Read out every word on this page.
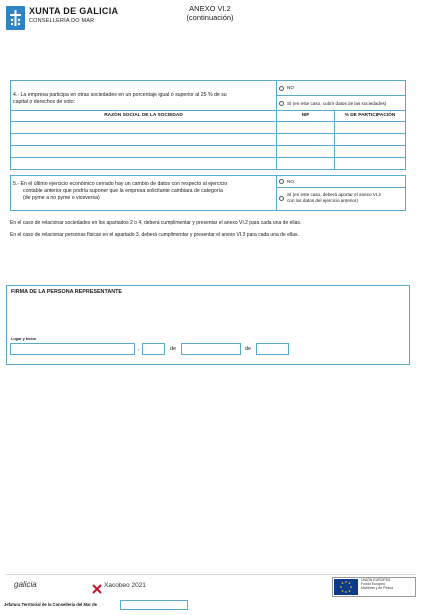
XUNTA DE GALICIA
CONSELLERÍA DO MAR
ANEXO VI.2
(continuación)
4.- La empresa participa en otras sociedades en un porcentaje igual o superior al 25 % de su
capital o derechos de voto:
NO
SÍ (en este caso, cubrir datos de las sociedades)
RAZÓN SOCIAL DE LA SOCIEDAD	NIF	% DE PARTICIPACIÓN
5.- En el último ejercicio económico cerrado hay un cambio de datos con respecto al ejercicio
contable anterior que podría suponer que la empresa solicitante cambiara de categoría
(de pyme a no pyme o viceversa)
NO
SÍ (en este caso, deberá aportar el anexo VI.2
con los datos del ejercicio anterior)
En el caso de relacionar sociedades en los apartados 2 o 4, deberá cumplimentar y presentar el anexo VI.2 para cada una de ellas.
En el caso de relacionar personas físicas en el apartado 3, deberá cumplimentar y presentar el anexo VI.3 para cada una de ellas.
FIRMA DE LA PERSONA REPRESENTANTE
Lugar y fecha
,	de	de
galicia	Xacobeo 2021
UNIÓN EUROPEA
Fondo Europeo
Marítimo y de Pesca
Jefatura Territorial de la Consellería del Mar de
